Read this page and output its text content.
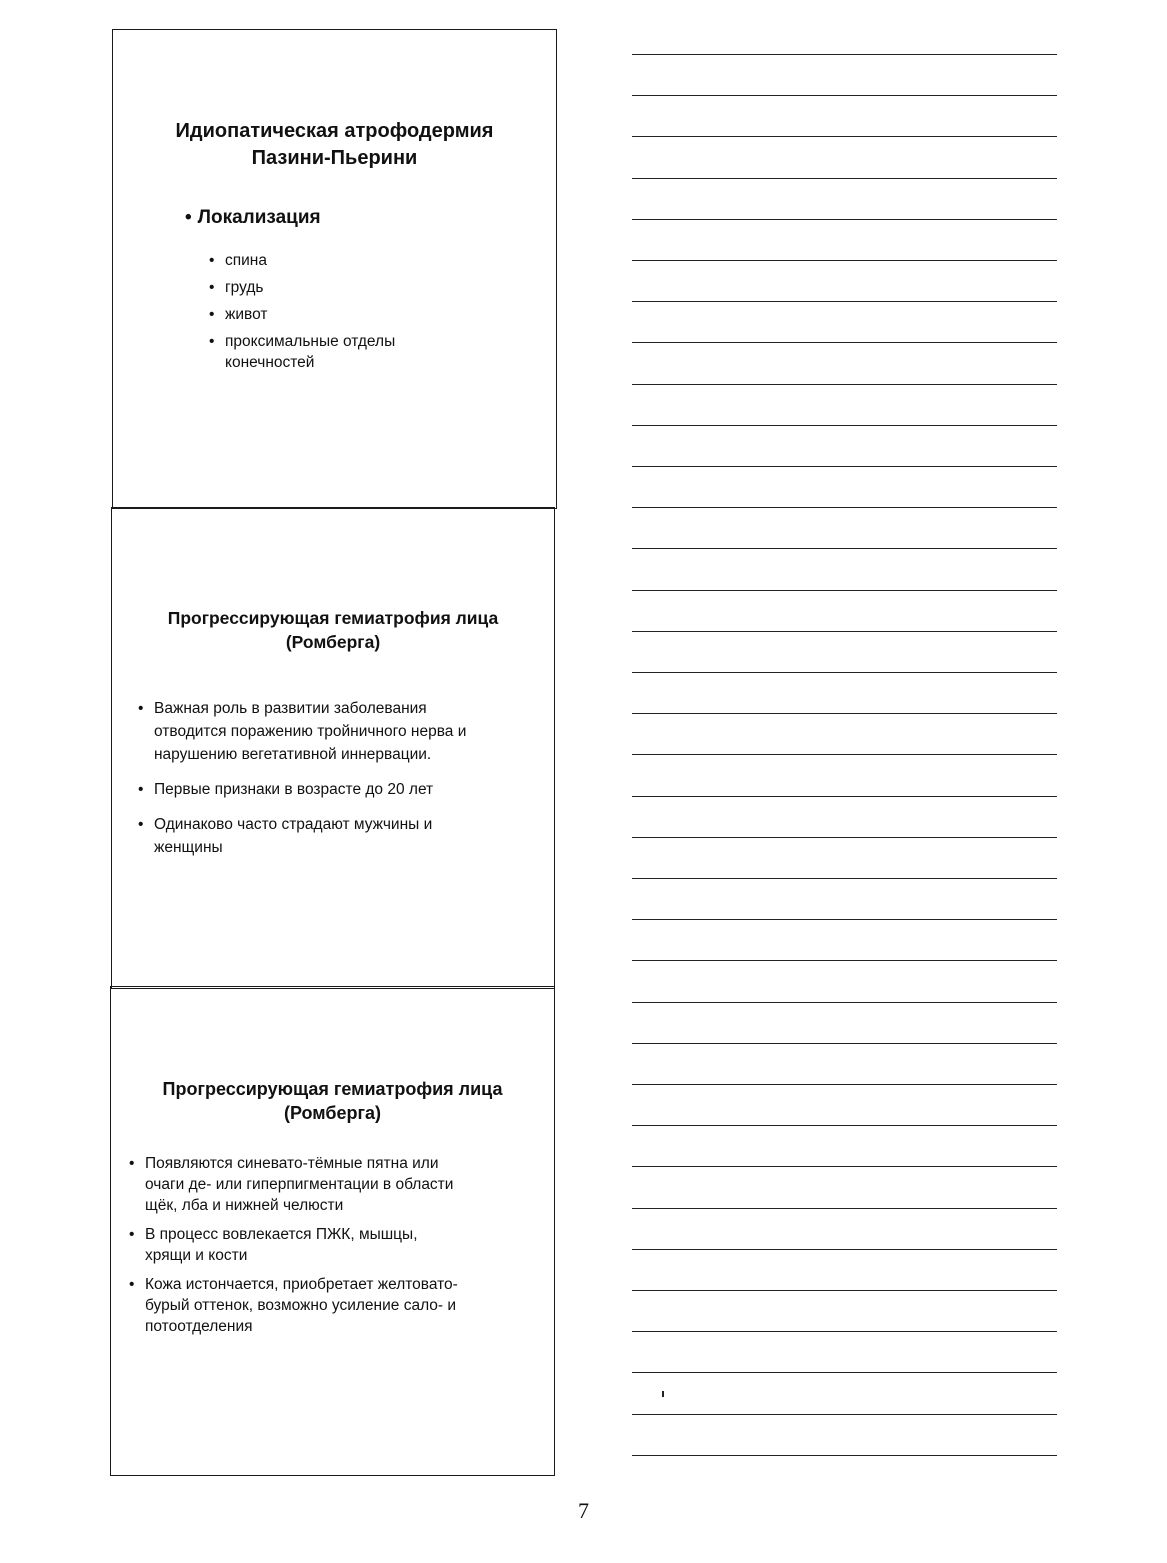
Идиопатическая атрофодермия
Пазини-Пьерини
• Локализация
• спина
• грудь
• живот
• проксимальные отделы
конечностей
Прогрессирующая гемиатрофия лица
(Ромберга)
• Важная роль в развитии заболевания
отводится поражению тройничного нерва и
нарушению вегетативной иннервации.
• Первые признаки в возрасте до 20 лет
• Одинаково часто страдают мужчины и
женщины
Прогрессирующая гемиатрофия лица
(Ромберга)
• Появляются синевато-тёмные пятна или
очаги де- или гиперпигментации в области
щёк, лба и нижней челюсти
• В процесс вовлекается ПЖК, мышцы,
хрящи и кости
• Кожа истончается, приобретает желтовато-
бурый оттенок, возможно усиление сало- и
потоотделения
7
